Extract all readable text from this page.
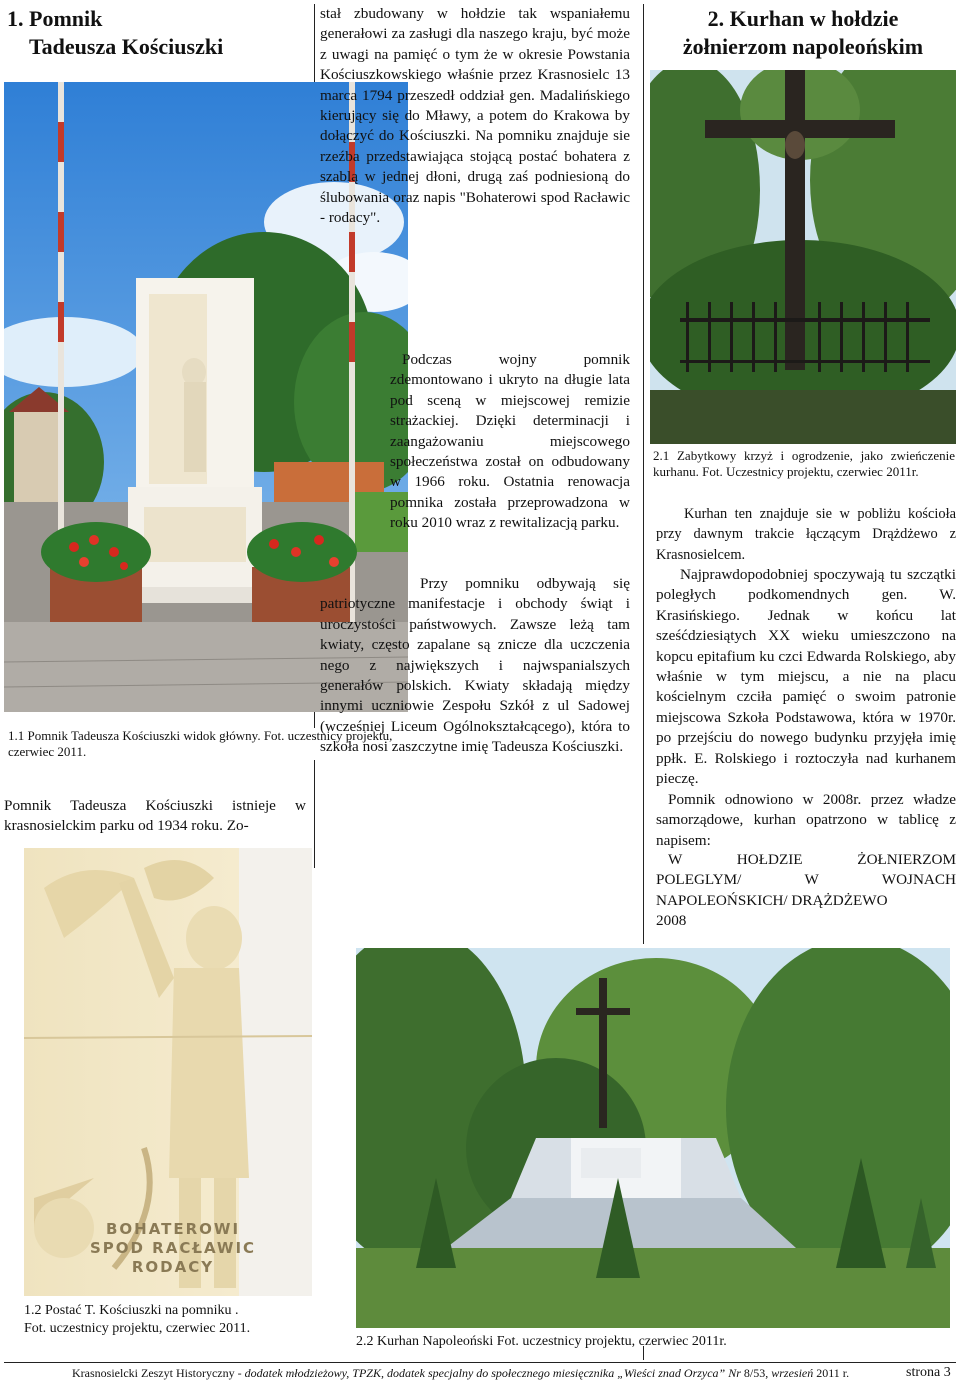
1. Pomnik
Tadeusza Kościuszki
1.1 Pomnik Tadeusza Kościuszki widok główny. Fot. uczestnicy projektu, czerwiec 2011.
Pomnik Tadeusza Kościuszki istnieje w krasnosielckim parku od 1934 roku. Zo-
BOHATEROWI
SPOD RACŁAWIC
RODACY
1.2 Postać T. Kościuszki na pomniku .
Fot. uczestnicy projektu, czerwiec 2011.
stał zbudowany w hołdzie tak wspaniałemu generałowi za zasługi dla naszego kraju, być może z uwagi na pamięć o tym że w okresie Powstania Kościuszkowskiego właśnie przez Krasnosielc 13 marca 1794 przeszedł oddział gen. Madalińskiego kierujący się do Mławy, a potem do Krakowa by dołączyć do Kościuszki. Na pomniku znajduje sie rzeźba przedstawiająca stojącą postać bohatera z szablą w jednej dłoni, drugą zaś podniesioną do ślubowania oraz napis "Bohaterowi spod Racławic - rodacy".
Podczas wojny pomnik zdemontowano i ukryto na długie lata pod sceną w miejscowej remizie strażackiej. Dzięki determinacji i zaangażowaniu miejscowego społeczeństwa został on odbudowany w 1966 roku. Ostatnia renowacja pomnika została przeprowadzona w roku 2010 wraz z rewitalizacją parku.
Przy pomniku odbywają się patriotyczne manifestacje i obchody świąt i uroczystości państwowych. Zawsze leżą tam kwiaty, często zapalane są znicze dla uczczenia nego z największych i najwspanialszych generałów polskich. Kwiaty składają między innymi uczniowie Zespołu Szkół z ul Sadowej (wcześniej Liceum Ogólnokształcącego), która to szkoła nosi zaszczytne imię Tadeusza Kościuszki.
2. Kurhan w hołdzie
żołnierzom napoleońskim
2.1 Zabytkowy krzyż i ogrodzenie, jako zwieńczenie kurhanu. Fot. Uczestnicy projektu, czerwiec 2011r.
Kurhan ten znajduje sie w pobliżu kościoła przy dawnym trakcie łączącym Drążdżewo z Krasnosielcem.
Najprawdopodobniej spoczywają tu szczątki poległych podkomendnych gen. W. Krasińskiego. Jednak w końcu lat sześćdziesiątych XX wieku umieszczono na kopcu epitafium ku czci Edwarda Rolskiego, aby właśnie w tym miejscu, a nie na placu kościelnym czciła pamięć o swoim patronie miejscowa Szkoła Podstawowa, która w 1970r. po przejściu do nowego budynku przyjęła imię ppłk. E. Rolskiego i roztoczyła nad kurhanem pieczę.
Pomnik odnowiono w 2008r. przez władze samorządowe, kurhan opatrzono w tablicę z napisem:
W HOŁDZIE ŻOŁNIERZOM
POLEGLYM/ W WOJNACH
NAPOLEOŃSKICH/ DRĄŻDŻEWO
2008
2.2 Kurhan Napoleoński Fot. uczestnicy projektu, czerwiec 2011r.
Krasnosielcki Zeszyt Historyczny - dodatek młodzieżowy, TPZK, dodatek specjalny do społecznego miesięcznika „Wieści znad Orzyca” Nr 8/53, wrzesień 2011 r.	strona 3
